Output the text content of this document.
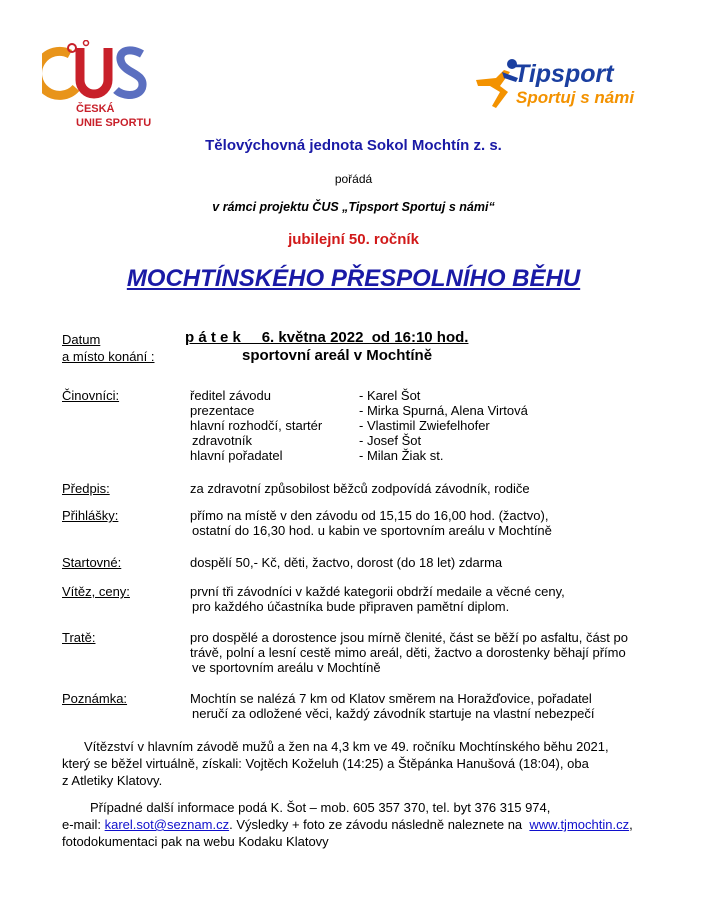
ČESKÁ
UNIE SPORTU
Tipsport
Sportuj s námi
Tělovýchovná jednota Sokol Mochtín z. s.
pořádá
v rámci projektu ČUS „Tipsport Sportuj s námi“
jubilejní 50. ročník
MOCHTÍNSKÉHO PŘESPOLNÍHO BĚHU
Datum
a místo konání :
p á t e k     6. května 2022  od 16:10 hod.
sportovní areál v Mochtíně
Činovníci:	ředitel závodu	- Karel Šot
prezentace	- Mirka Spurná, Alena Virtová
hlavní rozhodčí, startér	- Vlastimil Zwiefelhofer
zdravotník	- Josef Šot
hlavní pořadatel	- Milan Žiak st.
Předpis:	za zdravotní způsobilost běžců zodpovídá závodník, rodiče
Přihlášky:	přímo na místě v den závodu od 15,15 do 16,00 hod. (žactvo),
ostatní do 16,30 hod. u kabin ve sportovním areálu v Mochtíně
Startovné:	dospělí 50,- Kč, děti, žactvo, dorost (do 18 let) zdarma
Vítěz, ceny:	první tři závodníci v každé kategorii obdrží medaile a věcné ceny,
pro každého účastníka bude připraven pamětní diplom.
Tratě:	pro dospělé a dorostence jsou mírně členité, část se běží po asfaltu, část po
trávě, polní a lesní cestě mimo areál, děti, žactvo a dorostenky běhají přímo
ve sportovním areálu v Mochtíně
Poznámka:	Mochtín se nalézá 7 km od Klatov směrem na Horažďovice, pořadatel
neručí za odložené věci, každý závodník startuje na vlastní nebezpečí
Vítězství v hlavním závodě mužů a žen na 4,3 km ve 49. ročníku Mochtínského běhu 2021,
který se běžel virtuálně, získali: Vojtěch Koželuh (14:25) a Štěpánka Hanušová (18:04), oba
z Atletiky Klatovy.
Případné další informace podá K. Šot – mob. 605 357 370, tel. byt 376 315 974,
e-mail: karel.sot@seznam.cz. Výsledky + foto ze závodu následně naleznete na  www.tjmochtin.cz,
fotodokumentaci pak na webu Kodaku Klatovy
